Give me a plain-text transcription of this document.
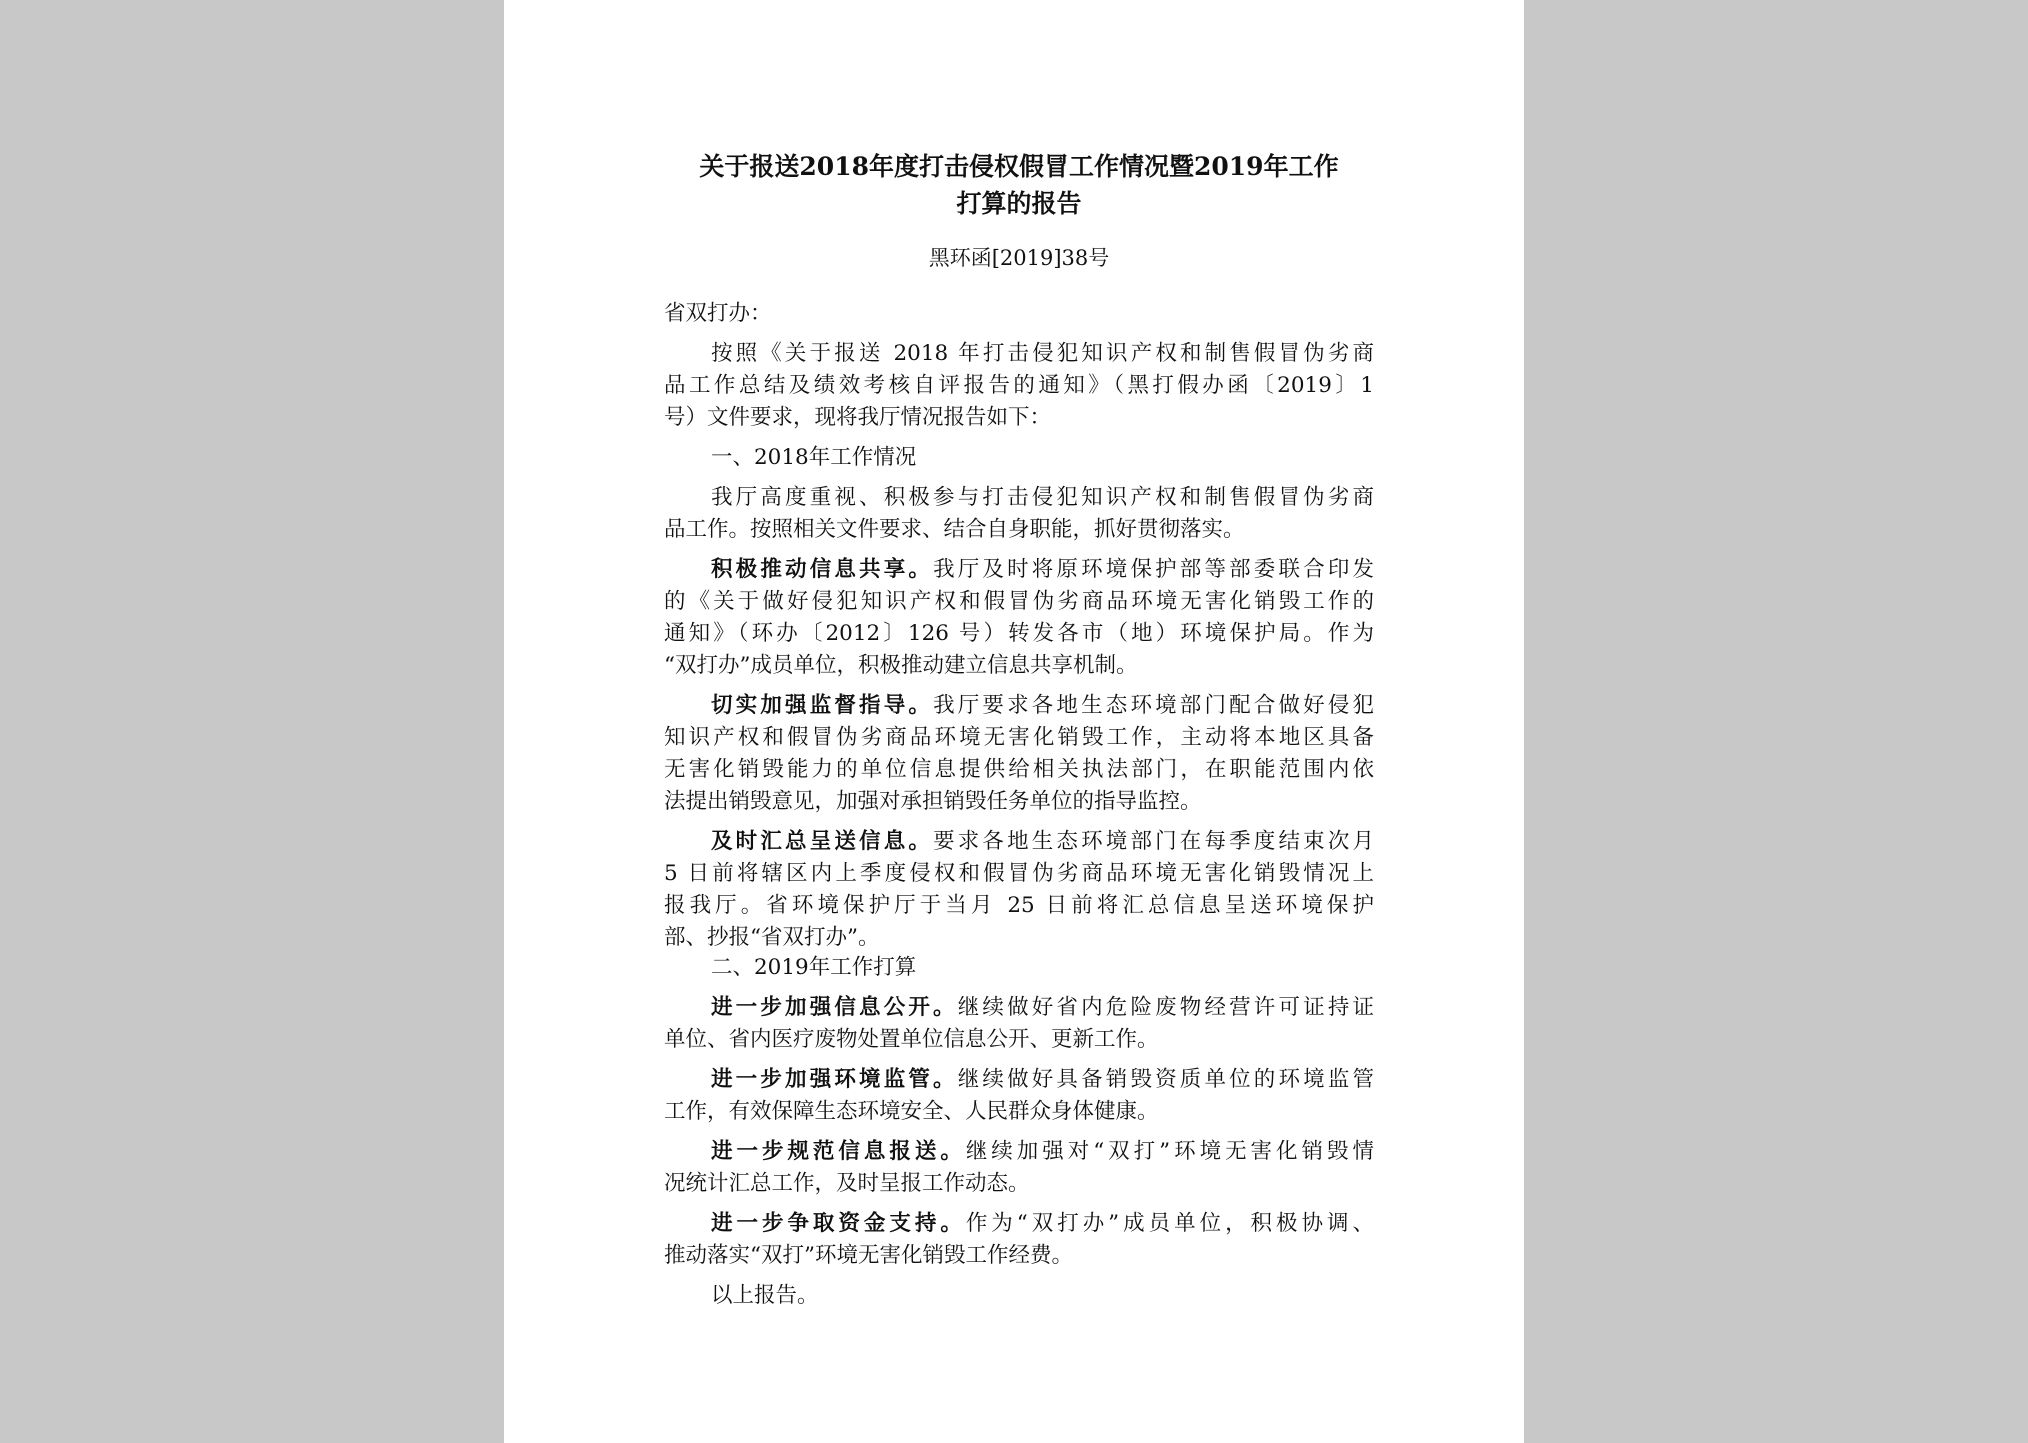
关于报送2018年度打击侵权假冒工作情况暨2019年工作
打算的报告
黑环函[2019]38号
省双打办：
按照《关于报送 2018 年打击侵犯知识产权和制售假冒伪劣商
品工作总结及绩效考核自评报告的通知》（黑打假办函〔2019〕1
号）文件要求，现将我厅情况报告如下：
一、2018年工作情况
我厅高度重视、积极参与打击侵犯知识产权和制售假冒伪劣商
品工作。按照相关文件要求、结合自身职能，抓好贯彻落实。
积极推动信息共享。我厅及时将原环境保护部等部委联合印发
的《关于做好侵犯知识产权和假冒伪劣商品环境无害化销毁工作的
通知》（环办〔2012〕126 号）转发各市（地）环境保护局。作为
“双打办”成员单位，积极推动建立信息共享机制。
切实加强监督指导。我厅要求各地生态环境部门配合做好侵犯
知识产权和假冒伪劣商品环境无害化销毁工作，主动将本地区具备
无害化销毁能力的单位信息提供给相关执法部门，在职能范围内依
法提出销毁意见，加强对承担销毁任务单位的指导监控。
及时汇总呈送信息。要求各地生态环境部门在每季度结束次月
5 日前将辖区内上季度侵权和假冒伪劣商品环境无害化销毁情况上
报我厅。省环境保护厅于当月 25 日前将汇总信息呈送环境保护
部、抄报“省双打办”。
二、2019年工作打算
进一步加强信息公开。继续做好省内危险废物经营许可证持证
单位、省内医疗废物处置单位信息公开、更新工作。
进一步加强环境监管。继续做好具备销毁资质单位的环境监管
工作，有效保障生态环境安全、人民群众身体健康。
进一步规范信息报送。继续加强对“双打”环境无害化销毁情
况统计汇总工作，及时呈报工作动态。
进一步争取资金支持。作为“双打办”成员单位，积极协调、
推动落实“双打”环境无害化销毁工作经费。
以上报告。
